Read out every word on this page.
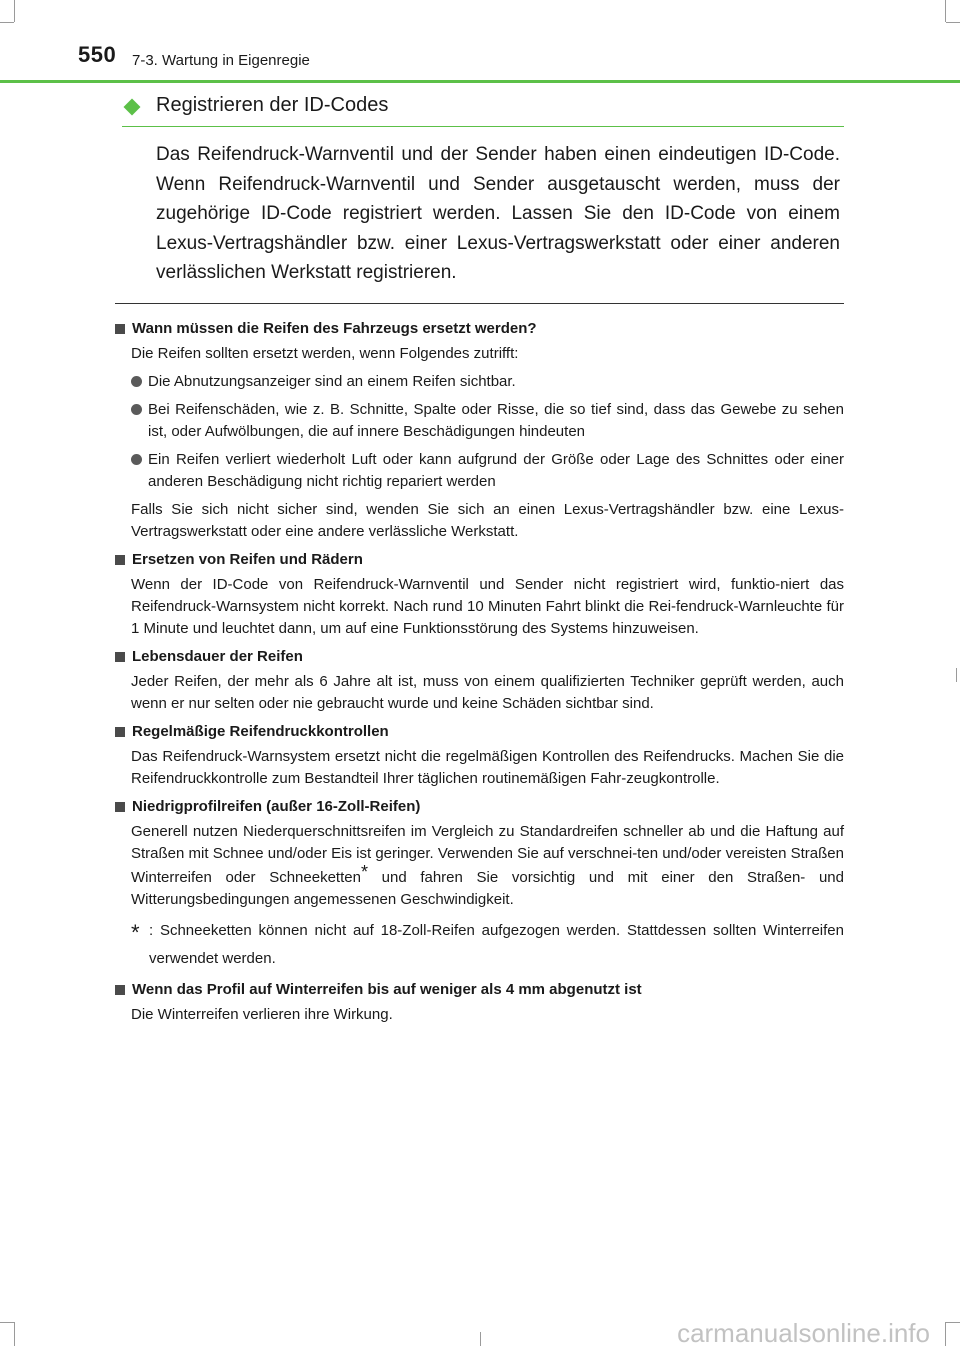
550 7-3. Wartung in Eigenregie
Registrieren der ID-Codes
Das Reifendruck-Warnventil und der Sender haben einen eindeutigen ID-Code. Wenn Reifendruck-Warnventil und Sender ausgetauscht werden, muss der zugehörige ID-Code registriert werden. Lassen Sie den ID-Code von einem Lexus-Vertragshändler bzw. einer Lexus-Vertragswerkstatt oder einer anderen verlässlichen Werkstatt registrieren.
Wann müssen die Reifen des Fahrzeugs ersetzt werden?
Die Reifen sollten ersetzt werden, wenn Folgendes zutrifft:
Die Abnutzungsanzeiger sind an einem Reifen sichtbar.
Bei Reifenschäden, wie z. B. Schnitte, Spalte oder Risse, die so tief sind, dass das Gewebe zu sehen ist, oder Aufwölbungen, die auf innere Beschädigungen hindeuten
Ein Reifen verliert wiederholt Luft oder kann aufgrund der Größe oder Lage des Schnittes oder einer anderen Beschädigung nicht richtig repariert werden
Falls Sie sich nicht sicher sind, wenden Sie sich an einen Lexus-Vertragshändler bzw. eine Lexus-Vertragswerkstatt oder eine andere verlässliche Werkstatt.
Ersetzen von Reifen und Rädern
Wenn der ID-Code von Reifendruck-Warnventil und Sender nicht registriert wird, funktio-niert das Reifendruck-Warnsystem nicht korrekt. Nach rund 10 Minuten Fahrt blinkt die Rei-fendruck-Warnleuchte für 1 Minute und leuchtet dann, um auf eine Funktionsstörung des Systems hinzuweisen.
Lebensdauer der Reifen
Jeder Reifen, der mehr als 6 Jahre alt ist, muss von einem qualifizierten Techniker geprüft werden, auch wenn er nur selten oder nie gebraucht wurde und keine Schäden sichtbar sind.
Regelmäßige Reifendruckkontrollen
Das Reifendruck-Warnsystem ersetzt nicht die regelmäßigen Kontrollen des Reifendrucks. Machen Sie die Reifendruckkontrolle zum Bestandteil Ihrer täglichen routinemäßigen Fahr-zeugkontrolle.
Niedrigprofilreifen (außer 16-Zoll-Reifen)
Generell nutzen Niederquerschnittsreifen im Vergleich zu Standardreifen schneller ab und die Haftung auf Straßen mit Schnee und/oder Eis ist geringer. Verwenden Sie auf verschnei-ten und/oder vereisten Straßen Winterreifen oder Schneeketten* und fahren Sie vorsichtig und mit einer den Straßen- und Witterungsbedingungen angemessenen Geschwindigkeit.
* : Schneeketten können nicht auf 18-Zoll-Reifen aufgezogen werden. Stattdessen sollten Winterreifen verwendet werden.
Wenn das Profil auf Winterreifen bis auf weniger als 4 mm abgenutzt ist
Die Winterreifen verlieren ihre Wirkung.
carmanualsonline.info
